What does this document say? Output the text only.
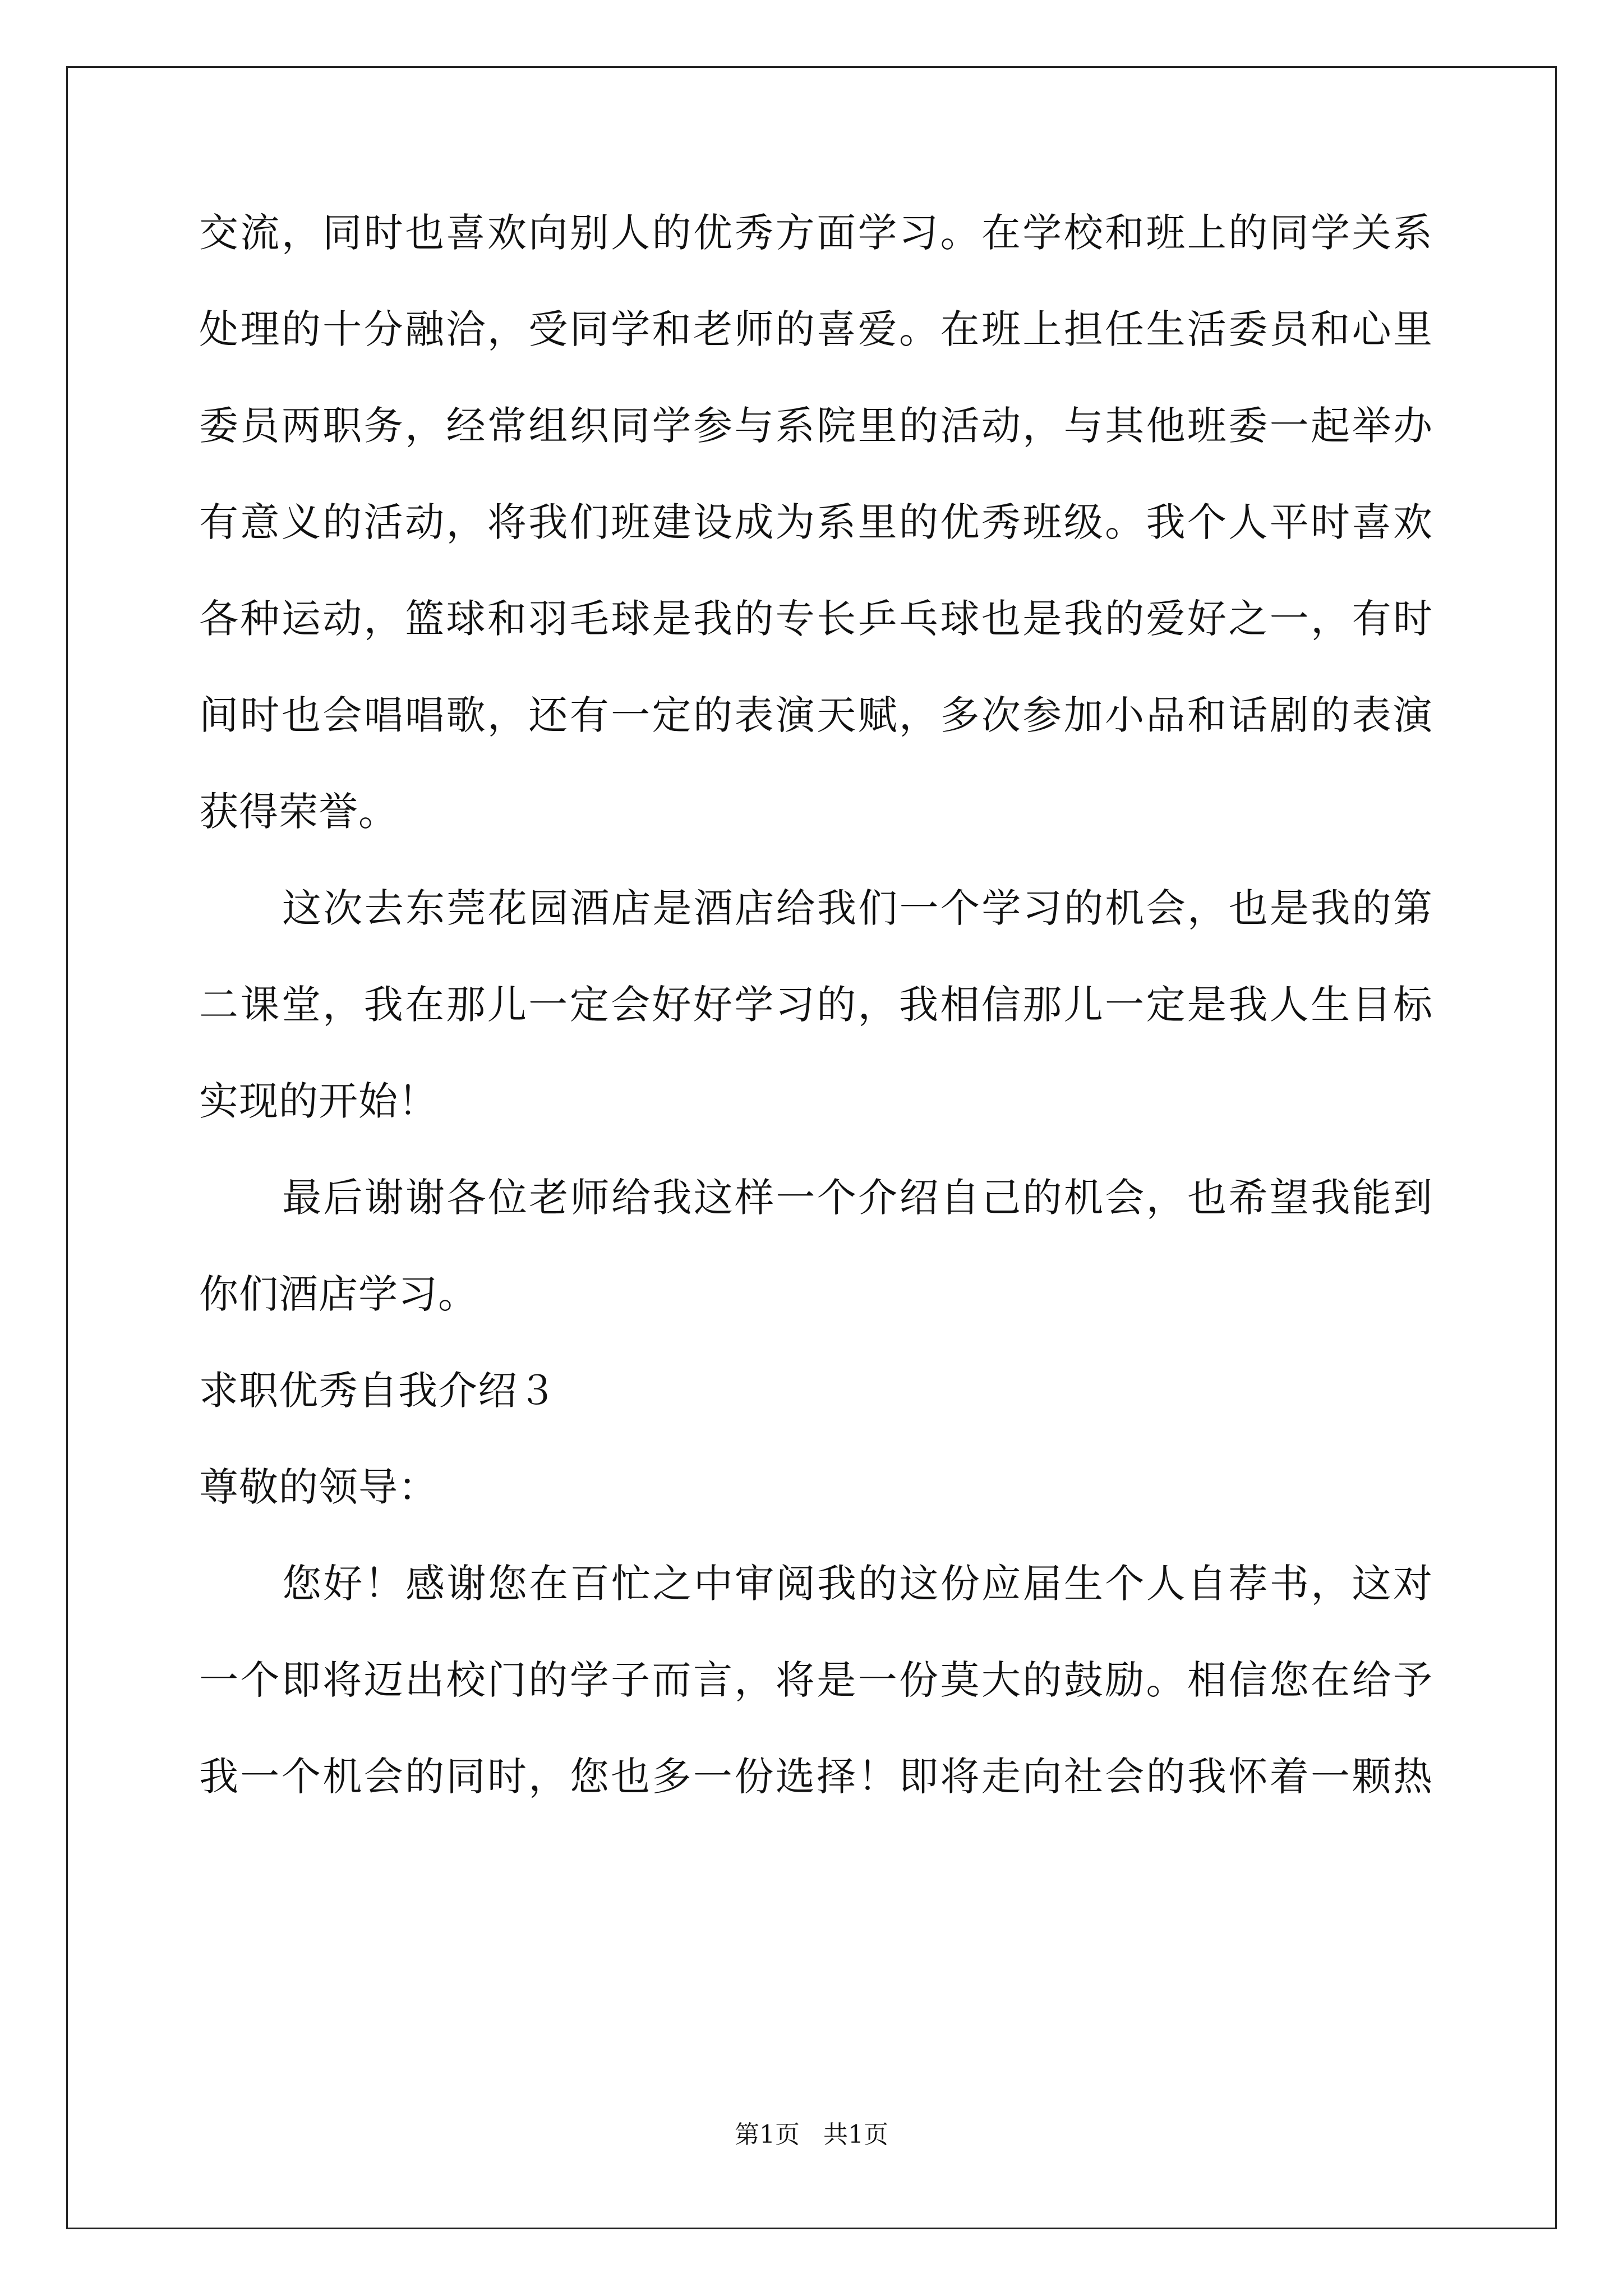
交流，同时也喜欢向别人的优秀方面学习。在学校和班上的同学关系
处理的十分融洽，受同学和老师的喜爱。在班上担任生活委员和心里
委员两职务，经常组织同学参与系院里的活动，与其他班委一起举办
有意义的活动，将我们班建设成为系里的优秀班级。我个人平时喜欢
各种运动，篮球和羽毛球是我的专长乒乓球也是我的爱好之一，有时
间时也会唱唱歌，还有一定的表演天赋，多次参加小品和话剧的表演
获得荣誉。
这次去东莞花园酒店是酒店给我们一个学习的机会，也是我的第
二课堂，我在那儿一定会好好学习的，我相信那儿一定是我人生目标
实现的开始！
最后谢谢各位老师给我这样一个介绍自己的机会，也希望我能到
你们酒店学习。
求职优秀自我介绍３
尊敬的领导：
您好！感谢您在百忙之中审阅我的这份应届生个人自荐书，这对
一个即将迈出校门的学子而言，将是一份莫大的鼓励。相信您在给予
我一个机会的同时，您也多一份选择！即将走向社会的我怀着一颗热
第1页 共1页
